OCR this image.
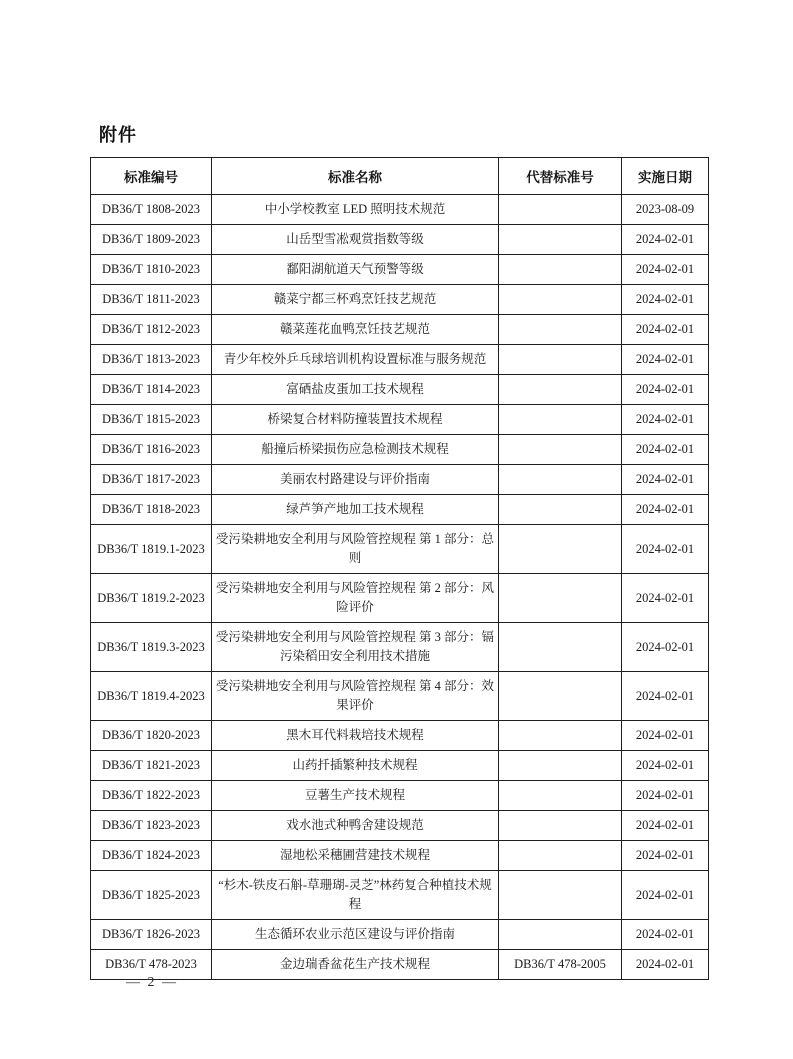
附件
标准编号	标准名称	代替标准号	实施日期
DB36/T 1808-2023	中小学校教室 LED 照明技术规范		2023-08-09
DB36/T 1809-2023	山岳型雪凇观赏指数等级		2024-02-01
DB36/T 1810-2023	鄱阳湖航道天气预警等级		2024-02-01
DB36/T 1811-2023	赣菜宁都三杯鸡烹饪技艺规范		2024-02-01
DB36/T 1812-2023	赣菜莲花血鸭烹饪技艺规范		2024-02-01
DB36/T 1813-2023	青少年校外乒乓球培训机构设置标准与服务规范		2024-02-01
DB36/T 1814-2023	富硒盐皮蛋加工技术规程		2024-02-01
DB36/T 1815-2023	桥梁复合材料防撞装置技术规程		2024-02-01
DB36/T 1816-2023	船撞后桥梁损伤应急检测技术规程		2024-02-01
DB36/T 1817-2023	美丽农村路建设与评价指南		2024-02-01
DB36/T 1818-2023	绿芦笋产地加工技术规程		2024-02-01
DB36/T 1819.1-2023	受污染耕地安全利用与风险管控规程 第 1 部分：总则		2024-02-01
DB36/T 1819.2-2023	受污染耕地安全利用与风险管控规程 第 2 部分：风险评价		2024-02-01
DB36/T 1819.3-2023	受污染耕地安全利用与风险管控规程 第 3 部分：镉污染稻田安全利用技术措施		2024-02-01
DB36/T 1819.4-2023	受污染耕地安全利用与风险管控规程 第 4 部分：效果评价		2024-02-01
DB36/T 1820-2023	黑木耳代料栽培技术规程		2024-02-01
DB36/T 1821-2023	山药扦插繁种技术规程		2024-02-01
DB36/T 1822-2023	豆薯生产技术规程		2024-02-01
DB36/T 1823-2023	戏水池式种鸭舍建设规范		2024-02-01
DB36/T 1824-2023	湿地松采穗圃营建技术规程		2024-02-01
DB36/T 1825-2023	“杉木-铁皮石斛-草珊瑚-灵芝”林药复合种植技术规程		2024-02-01
DB36/T 1826-2023	生态循环农业示范区建设与评价指南		2024-02-01
DB36/T 478-2023	金边瑞香盆花生产技术规程	DB36/T 478-2005	2024-02-01
— 2 —
